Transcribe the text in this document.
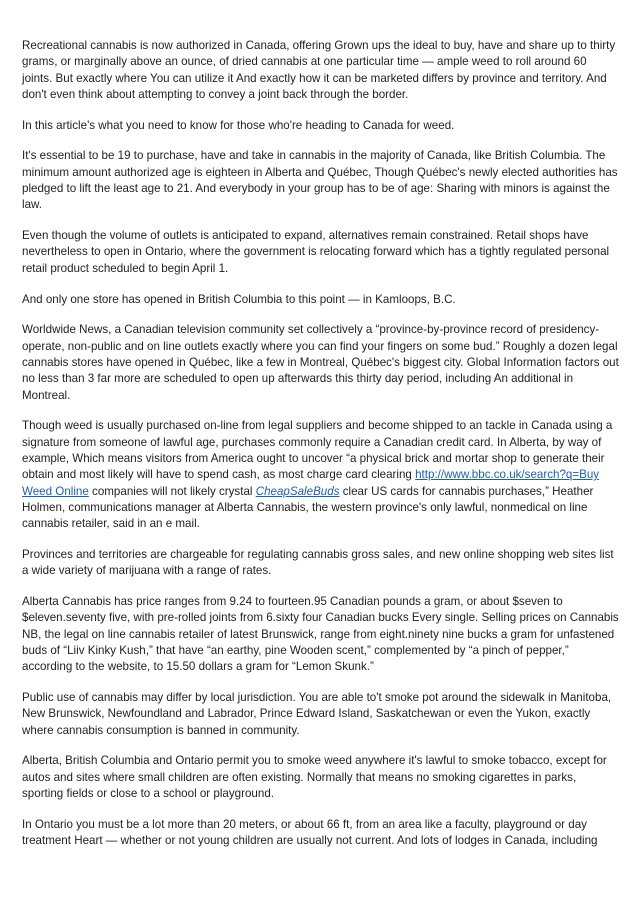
Recreational cannabis is now authorized in Canada, offering Grown ups the ideal to buy, have and share up to thirty grams, or marginally above an ounce, of dried cannabis at one particular time — ample weed to roll around 60 joints. But exactly where You can utilize it And exactly how it can be marketed differs by province and territory. And don't even think about attempting to convey a joint back through the border.

In this article's what you need to know for those who're heading to Canada for weed.

It's essential to be 19 to purchase, have and take in cannabis in the majority of Canada, like British Columbia. The minimum amount authorized age is eighteen in Alberta and Québec, Though Québec's newly elected authorities has pledged to lift the least age to 21. And everybody in your group has to be of age: Sharing with minors is against the law.

Even though the volume of outlets is anticipated to expand, alternatives remain constrained. Retail shops have nevertheless to open in Ontario, where the government is relocating forward which has a tightly regulated personal retail product scheduled to begin April 1.

And only one store has opened in British Columbia to this point — in Kamloops, B.C.

Worldwide News, a Canadian television community set collectively a “province-by-province record of presidency-operate, non-public and on line outlets exactly where you can find your fingers on some bud.” Roughly a dozen legal cannabis stores have opened in Québec, like a few in Montreal, Québec's biggest city. Global Information factors out no less than 3 far more are scheduled to open up afterwards this thirty day period, including An additional in Montreal.

Though weed is usually purchased on-line from legal suppliers and become shipped to an tackle in Canada using a signature from someone of lawful age, purchases commonly require a Canadian credit card. In Alberta, by way of example, Which means visitors from America ought to uncover “a physical brick and mortar shop to generate their obtain and most likely will have to spend cash, as most charge card clearing http://www.bbc.co.uk/search?q=Buy Weed Online companies will not likely crystal CheapSaleBuds clear US cards for cannabis purchases,” Heather Holmen, communications manager at Alberta Cannabis, the western province's only lawful, nonmedical on line cannabis retailer, said in an e mail.

Provinces and territories are chargeable for regulating cannabis gross sales, and new online shopping web sites list a wide variety of marijuana with a range of rates.

Alberta Cannabis has price ranges from 9.24 to fourteen.95 Canadian pounds a gram, or about $seven to $eleven.seventy five, with pre-rolled joints from 6.sixty four Canadian bucks Every single. Selling prices on Cannabis NB, the legal on line cannabis retailer of latest Brunswick, range from eight.ninety nine bucks a gram for unfastened buds of “Liiv Kinky Kush,” that have “an earthy, pine Wooden scent,” complemented by “a pinch of pepper,” according to the website, to 15.50 dollars a gram for “Lemon Skunk.”

Public use of cannabis may differ by local jurisdiction. You are able to't smoke pot around the sidewalk in Manitoba, New Brunswick, Newfoundland and Labrador, Prince Edward Island, Saskatchewan or even the Yukon, exactly where cannabis consumption is banned in community.

Alberta, British Columbia and Ontario permit you to smoke weed anywhere it's lawful to smoke tobacco, except for autos and sites where small children are often existing. Normally that means no smoking cigarettes in parks, sporting fields or close to a school or playground.

In Ontario you must be a lot more than 20 meters, or about 66 ft, from an area like a faculty, playground or day treatment Heart — whether or not young children are usually not current. And lots of lodges in Canada, including
